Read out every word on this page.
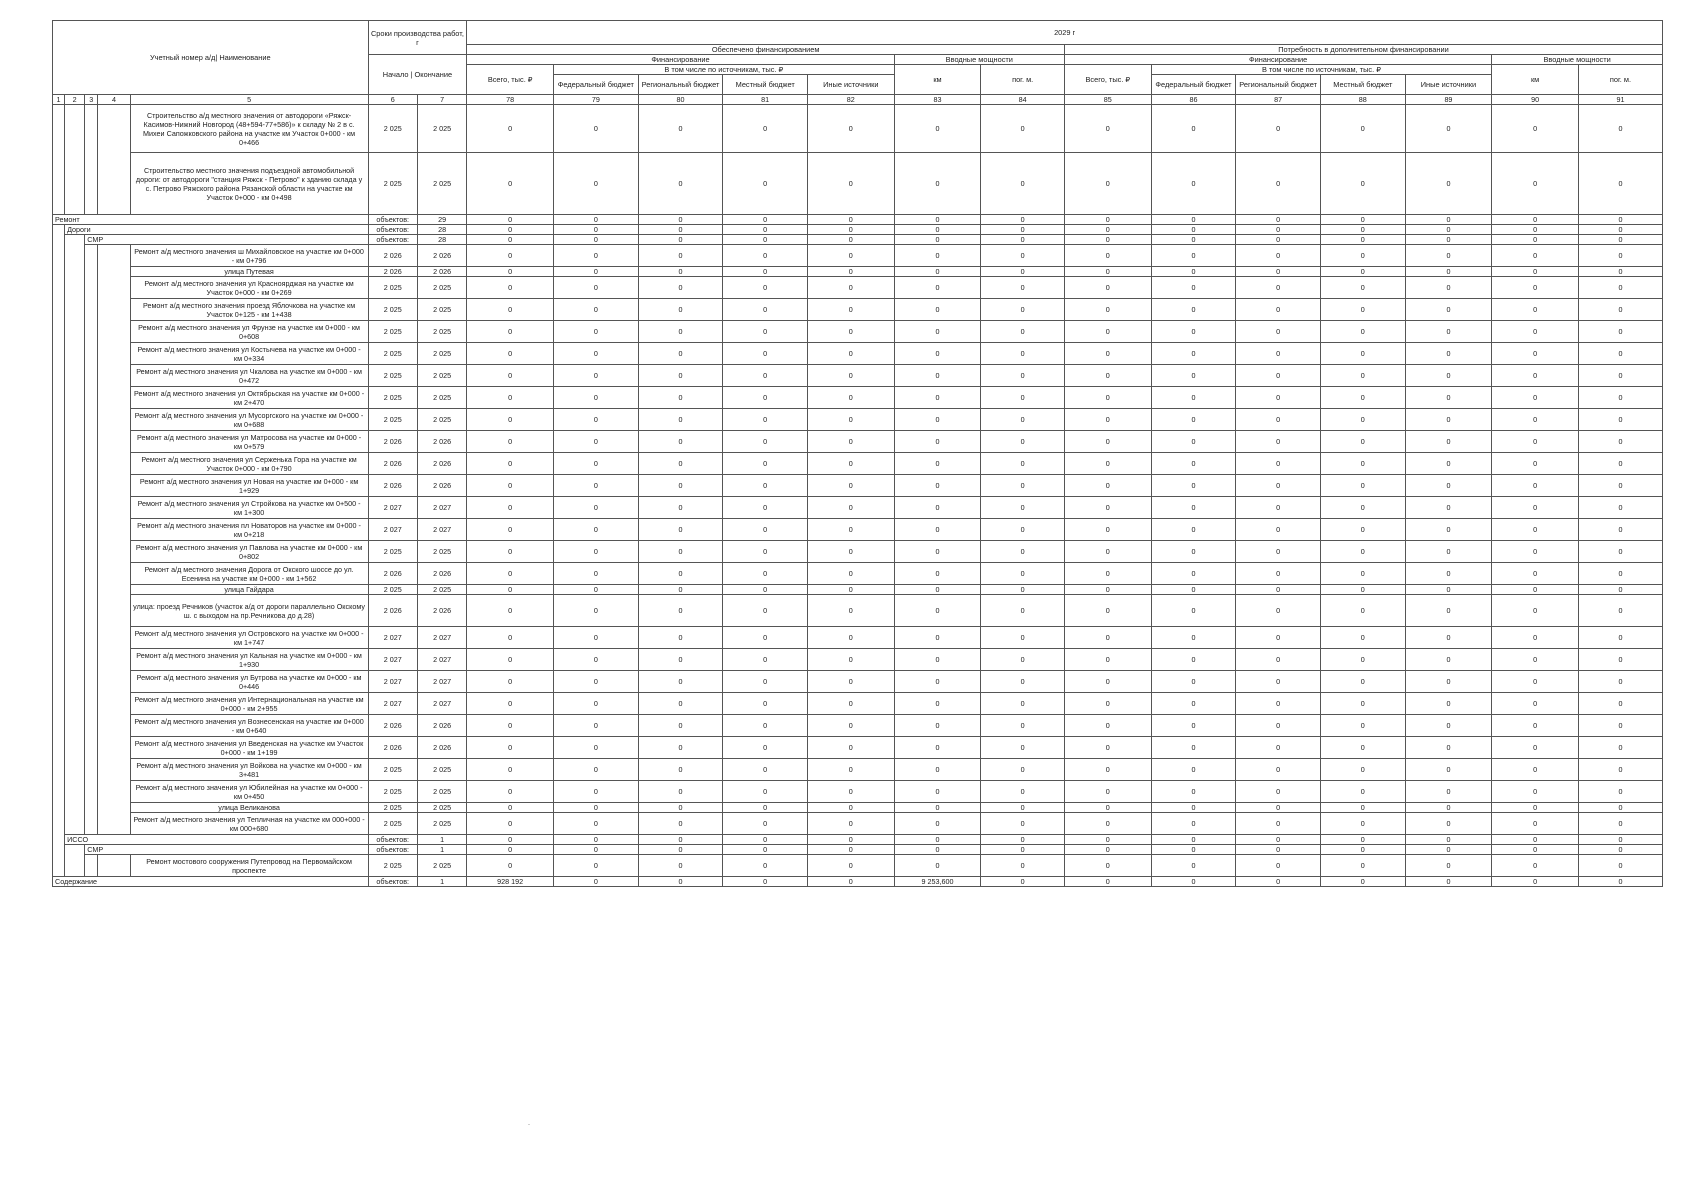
Учетный номер а/д| Наименование					Сроки производства работ, г		2029 г													
							Обеспечено финансированием							Потребность в дополнительном финансировании						
					Начало | Окончание		Финансирование					Вводные мощности		Финансирование					Вводные мощности	
							Всего, тыс. ₽	В том числе по источникам, тыс. ₽				км	пог. м.	Всего, тыс. ₽	В том числе по источникам, тыс. ₽				км	пог. м.
								Федеральный бюджет	Региональный бюджет	Местный бюджет	Иные источники				Федеральный бюджет	Региональный бюджет	Местный бюджет	Иные источники		
1	2	3	4	5	6	7	78	79	80	81	82	83	84	85	86	87	88	89	90	91
				Строительство а/д местного значения от автодороги «Ряжск-Касимов-Нижний Новгород (48+594-77+586)» к складу № 2 в с. Михеи Сапожковского района на участке км Участок 0+000 - км 0+466	2 025	2 025	0	0	0	0	0	0	0	0	0	0	0	0	0	0
				Строительство местного значения подъездной автомобильной дороги: от автодороги "станция Ряжск - Петрово" к зданию склада у с. Петрово Ряжского района Рязанской области на участке км Участок 0+000 - км 0+498	2 025	2 025	0	0	0	0	0	0	0	0	0	0	0	0	0	0
Ремонт					объектов:	29	0	0	0	0	0	0	0	0	0	0	0	0	0	0
	Дороги				объектов:	28	0	0	0	0	0	0	0	0	0	0	0	0	0	0
		СМР			объектов:	28	0	0	0	0	0	0	0	0	0	0	0	0	0	0
				Ремонт а/д местного значения ш Михайловское на участке км 0+000 - км 0+796	2 026	2 026	0	0	0	0	0	0	0	0	0	0	0	0	0	0
				улица Путевая	2 026	2 026	0	0	0	0	0	0	0	0	0	0	0	0	0	0
				Ремонт а/д местного значения ул Красноярджая на участке км Участок 0+000 - км 0+269	2 025	2 025	0	0	0	0	0	0	0	0	0	0	0	0	0	0
				Ремонт а/д местного значения проезд Яблочкова на участке км Участок 0+125 - км 1+438	2 025	2 025	0	0	0	0	0	0	0	0	0	0	0	0	0	0
				Ремонт а/д местного значения ул Фрунзе на участке км 0+000 - км 0+608	2 025	2 025	0	0	0	0	0	0	0	0	0	0	0	0	0	0
				Ремонт а/д местного значения ул Костычева на участке км 0+000 - км 0+334	2 025	2 025	0	0	0	0	0	0	0	0	0	0	0	0	0	0
				Ремонт а/д местного значения ул Чкалова на участке км 0+000 - км 0+472	2 025	2 025	0	0	0	0	0	0	0	0	0	0	0	0	0	0
				Ремонт а/д местного значения ул Октябрьская на участке км 0+000 - км 2+470	2 025	2 025	0	0	0	0	0	0	0	0	0	0	0	0	0	0
				Ремонт а/д местного значения ул Мусоргского на участке км 0+000 - км 0+688	2 025	2 025	0	0	0	0	0	0	0	0	0	0	0	0	0	0
				Ремонт а/д местного значения ул Матросова на участке км 0+000 - км 0+579	2 026	2 026	0	0	0	0	0	0	0	0	0	0	0	0	0	0
				Ремонт а/д местного значения ул Серженька Гора на участке км Участок 0+000 - км 0+790	2 026	2 026	0	0	0	0	0	0	0	0	0	0	0	0	0	0
				Ремонт а/д местного значения ул Новая на участке км 0+000 - км 1+929	2 026	2 026	0	0	0	0	0	0	0	0	0	0	0	0	0	0
				Ремонт а/д местного значения ул Стройкова на участке км 0+500 - км 1+300	2 027	2 027	0	0	0	0	0	0	0	0	0	0	0	0	0	0
				Ремонт а/д местного значения пл Новаторов на участке км 0+000 - км 0+218	2 027	2 027	0	0	0	0	0	0	0	0	0	0	0	0	0	0
				Ремонт а/д местного значения ул Павлова на участке км 0+000 - км 0+802	2 025	2 025	0	0	0	0	0	0	0	0	0	0	0	0	0	0
				Ремонт а/д местного значения Дорога от Окского шоссе до ул. Есенина на участке км 0+000 - км 1+562	2 026	2 026	0	0	0	0	0	0	0	0	0	0	0	0	0	0
				улица Гайдара	2 025	2 025	0	0	0	0	0	0	0	0	0	0	0	0	0	0
				улица: проезд Речников (участок а/д от дороги параллельно Окскому ш. с выходом на пр.Речникова до д.28)	2 026	2 026	0	0	0	0	0	0	0	0	0	0	0	0	0	0
				Ремонт а/д местного значения ул Островского на участке км 0+000 - км 1+747	2 027	2 027	0	0	0	0	0	0	0	0	0	0	0	0	0	0
				Ремонт а/д местного значения ул Кальная на участке км 0+000 - км 1+930	2 027	2 027	0	0	0	0	0	0	0	0	0	0	0	0	0	0
				Ремонт а/д местного значения ул Бутрова на участке км 0+000 - км 0+446	2 027	2 027	0	0	0	0	0	0	0	0	0	0	0	0	0	0
				Ремонт а/д местного значения ул Интернациональная на участке км 0+000 - км 2+955	2 027	2 027	0	0	0	0	0	0	0	0	0	0	0	0	0	0
				Ремонт а/д местного значения ул Вознесенская на участке км 0+000 - км 0+640	2 026	2 026	0	0	0	0	0	0	0	0	0	0	0	0	0	0
				Ремонт а/д местного значения ул Введенская на участке км Участок 0+000 - км 1+199	2 026	2 026	0	0	0	0	0	0	0	0	0	0	0	0	0	0
				Ремонт а/д местного значения ул Войкова на участке км 0+000 - км 3+481	2 025	2 025	0	0	0	0	0	0	0	0	0	0	0	0	0	0
				Ремонт а/д местного значения ул Юбилейная на участке км 0+000 - км 0+450	2 025	2 025	0	0	0	0	0	0	0	0	0	0	0	0	0	0
				улица Великанова	2 025	2 025	0	0	0	0	0	0	0	0	0	0	0	0	0	0
				Ремонт а/д местного значения ул Тепличная на участке км 000+000 - км 000+680	2 025	2 025	0	0	0	0	0	0	0	0	0	0	0	0	0	0
	ИССО				объектов:	1	0	0	0	0	0	0	0	0	0	0	0	0	0	0
		СМР			объектов:	1	0	0	0	0	0	0	0	0	0	0	0	0	0	0
				Ремонт мостового сооружения Путепровод на Первомайском проспекте	2 025	2 025	0	0	0	0	0	0	0	0	0	0	0	0	0	0
Содержание					объектов:	1	928 192	0	0	0	0	9 253,600	0	0	0	0	0	0	0	0
-
